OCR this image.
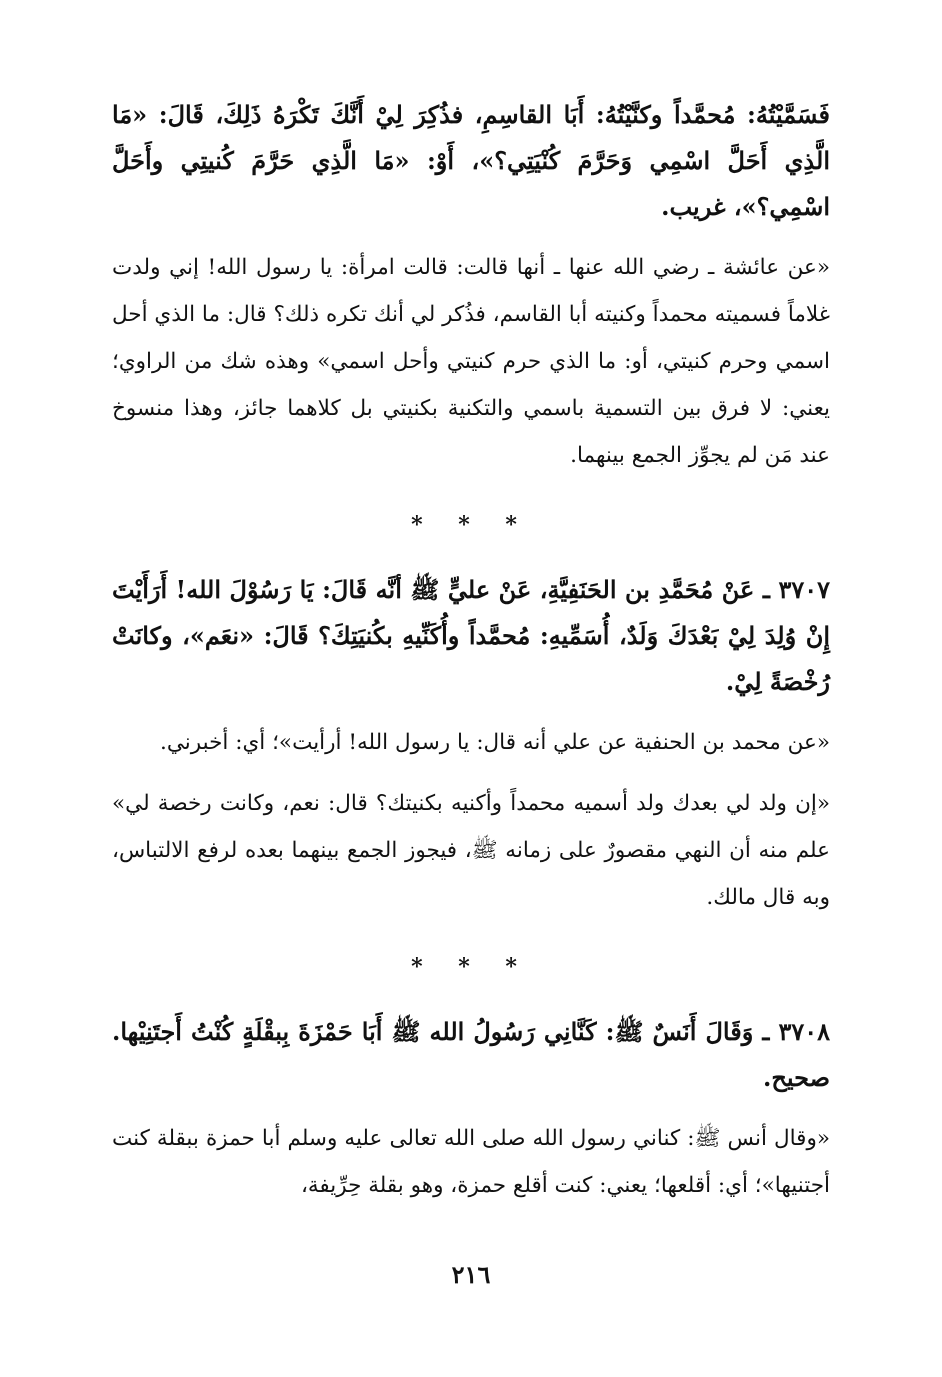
فَسَمَّيْتُهُ: مُحمَّداً وكنَّيْتُهُ: أَبَا القاسِمِ، فذُكِرَ لِيْ أَنَّكَ تَكْرَهُ ذَلِكَ، قَالَ: «مَا الَّذِي أَحَلَّ اسْمِي وَحَرَّمَ كُنْيَتِي؟»، أَوْ: «مَا الَّذِي حَرَّمَ كُنيتِي وأَحَلَّ اسْمِي؟»، غريب.

«عن عائشة ـ رضي الله عنها ـ أنها قالت: قالت امرأة: يا رسول الله! إني ولدت غلاماً فسميته محمداً وكنيته أبا القاسم، فذُكر لي أنك تكره ذلك؟ قال: ما الذي أحل اسمي وحرم كنيتي، أو: ما الذي حرم كنيتي وأحل اسمي» وهذه شك من الراوي؛ يعني: لا فرق بين التسمية باسمي والتكنية بكنيتي بل كلاهما جائز، وهذا منسوخ عند مَن لم يجوِّز الجمع بينهما.

* * *

٣٧٠٧ ـ عَنْ مُحَمَّدِ بن الحَنَفِيَّةِ، عَنْ عليٍّ ﷺ أنَّه قَالَ: يَا رَسُوْلَ الله! أَرَأَيْتَ إِنْ وُلِدَ لِيْ بَعْدَكَ وَلَدٌ، أُسَمِّيهِ: مُحمَّداً وأُكَنِّيهِ بكُنيَتِكَ؟ قَالَ: «نعَم»، وكانَتْ رُخْصَةً لِيْ.

«عن محمد بن الحنفية عن علي أنه قال: يا رسول الله! أرأيت»؛ أي: أخبرني.

«إن ولد لي بعدك ولد أسميه محمداً وأكنيه بكنيتك؟ قال: نعم، وكانت رخصة لي» علم منه أن النهي مقصورٌ على زمانه ﷺ، فيجوز الجمع بينهما بعده لرفع الالتباس، وبه قال مالك.

* * *

٣٧٠٨ ـ وَقَالَ أَنَسٌ ﷺ: كَنَّانِي رَسُولُ الله ﷺ أَبَا حَمْزَةَ بِبقْلَةٍ كُنْتُ أَجتَنِيْها. صحيح.

«وقال أنس ﷺ: كناني رسول الله صلى الله تعالى عليه وسلم أبا حمزة ببقلة كنت أجتنيها»؛ أي: أقلعها؛ يعني: كنت أقلع حمزة، وهو بقلة حِرِّيفة،

٢١٦
